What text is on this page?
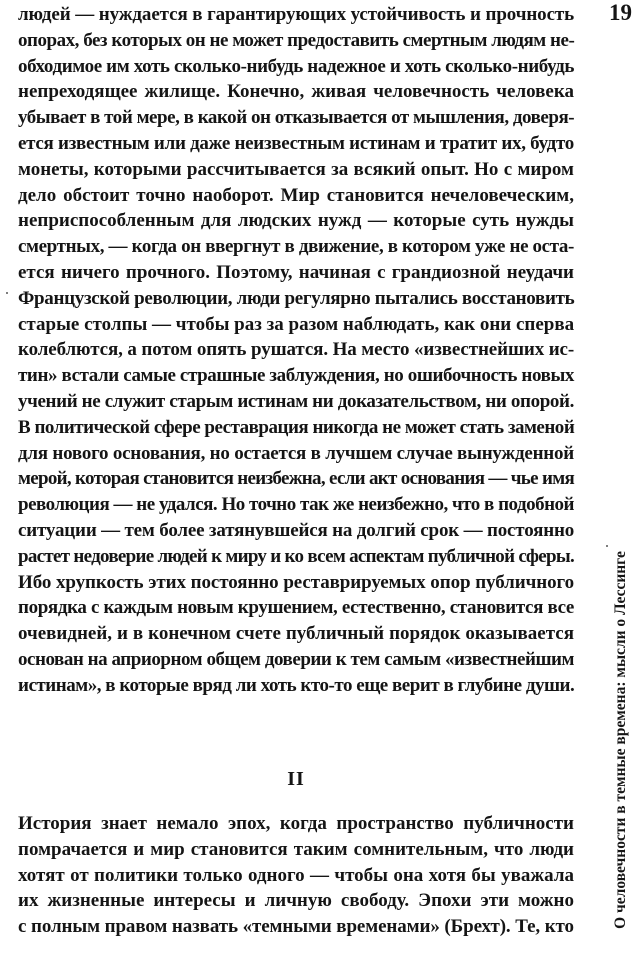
19
людей — нуждается в гарантирующих устойчивость и прочность
опорах, без которых он не может предоставить смертным людям не-
обходимое им хоть сколько-нибудь надежное и хоть сколько-нибудь
непреходящее жилище. Конечно, живая человечность человека
убывает в той мере, в какой он отказывается от мышления, доверя-
ется известным или даже неизвестным истинам и тратит их, будто
монеты, которыми рассчитывается за всякий опыт. Но с миром
дело обстоит точно наоборот. Мир становится нечеловеческим,
неприспособленным для людских нужд — которые суть нужды
смертных, — когда он ввергнут в движение, в котором уже не оста-
ется ничего прочного. Поэтому, начиная с грандиозной неудачи
Французской революции, люди регулярно пытались восстановить
старые столпы — чтобы раз за разом наблюдать, как они сперва
колеблются, а потом опять рушатся. На место «известнейших ис-
тин» встали самые страшные заблуждения, но ошибочность новых
учений не служит старым истинам ни доказательством, ни опорой.
В политической сфере реставрация никогда не может стать заменой
для нового основания, но остается в лучшем случае вынужденной
мерой, которая становится неизбежна, если акт основания — чье имя
революция — не удался. Но точно так же неизбежно, что в подобной
ситуации — тем более затянувшейся на долгий срок — постоянно
растет недоверие людей к миру и ко всем аспектам публичной сферы.
Ибо хрупкость этих постоянно реставрируемых опор публичного
порядка с каждым новым крушением, естественно, становится все
очевидней, и в конечном счете публичный порядок оказывается
основан на априорном общем доверии к тем самым «известнейшим
истинам», в которые вряд ли хоть кто-то еще верит в глубине души.
II
История знает немало эпох, когда пространство публичности
помрачается и мир становится таким сомнительным, что люди
хотят от политики только одного — чтобы она хотя бы уважала
их жизненные интересы и личную свободу. Эпохи эти можно
с полным правом назвать «темными временами» (Брехт). Те, кто О человечности в темные времена: мысли о Лессинге
